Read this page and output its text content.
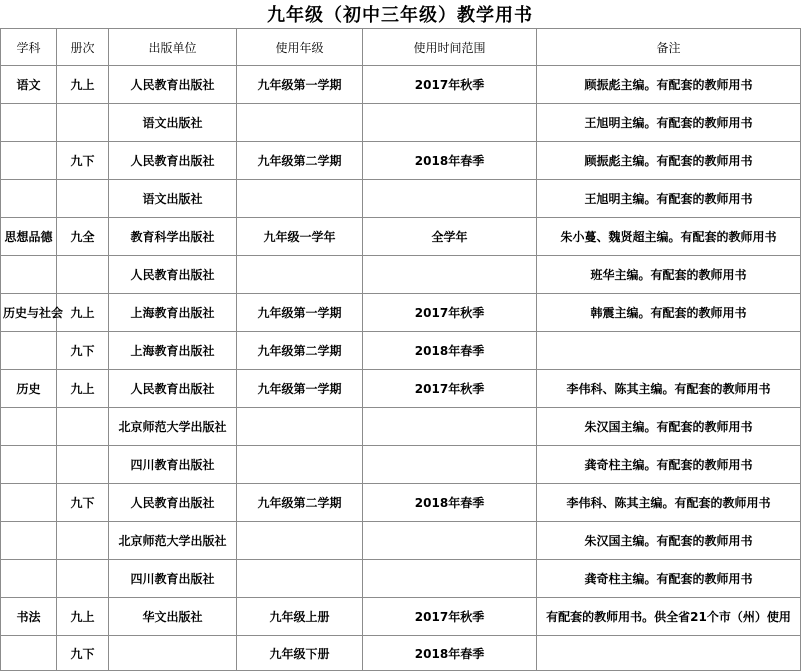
九年级（初中三年级）教学用书
学科	册次	出版单位	使用年级	使用时间范围	备注
语文	九上	人民教育出版社	九年级第一学期	2017年秋季	顾振彪主编。有配套的教师用书
		语文出版社			王旭明主编。有配套的教师用书
	九下	人民教育出版社	九年级第二学期	2018年春季	顾振彪主编。有配套的教师用书
		语文出版社			王旭明主编。有配套的教师用书
思想品德	九全	教育科学出版社	九年级一学年	全学年	朱小蔓、魏贤超主编。有配套的教师用书
		人民教育出版社			班华主编。有配套的教师用书
历史与社会	九上	上海教育出版社	九年级第一学期	2017年秋季	韩震主编。有配套的教师用书
	九下	上海教育出版社	九年级第二学期	2018年春季	
历史	九上	人民教育出版社	九年级第一学期	2017年秋季	李伟科、陈其主编。有配套的教师用书
		北京师范大学出版社			朱汉国主编。有配套的教师用书
		四川教育出版社			龚奇柱主编。有配套的教师用书
	九下	人民教育出版社	九年级第二学期	2018年春季	李伟科、陈其主编。有配套的教师用书
		北京师范大学出版社			朱汉国主编。有配套的教师用书
		四川教育出版社			龚奇柱主编。有配套的教师用书
书法	九上	华文出版社	九年级上册	2017年秋季	有配套的教师用书。供全省21个市（州）使用
	九下		九年级下册	2018年春季	
